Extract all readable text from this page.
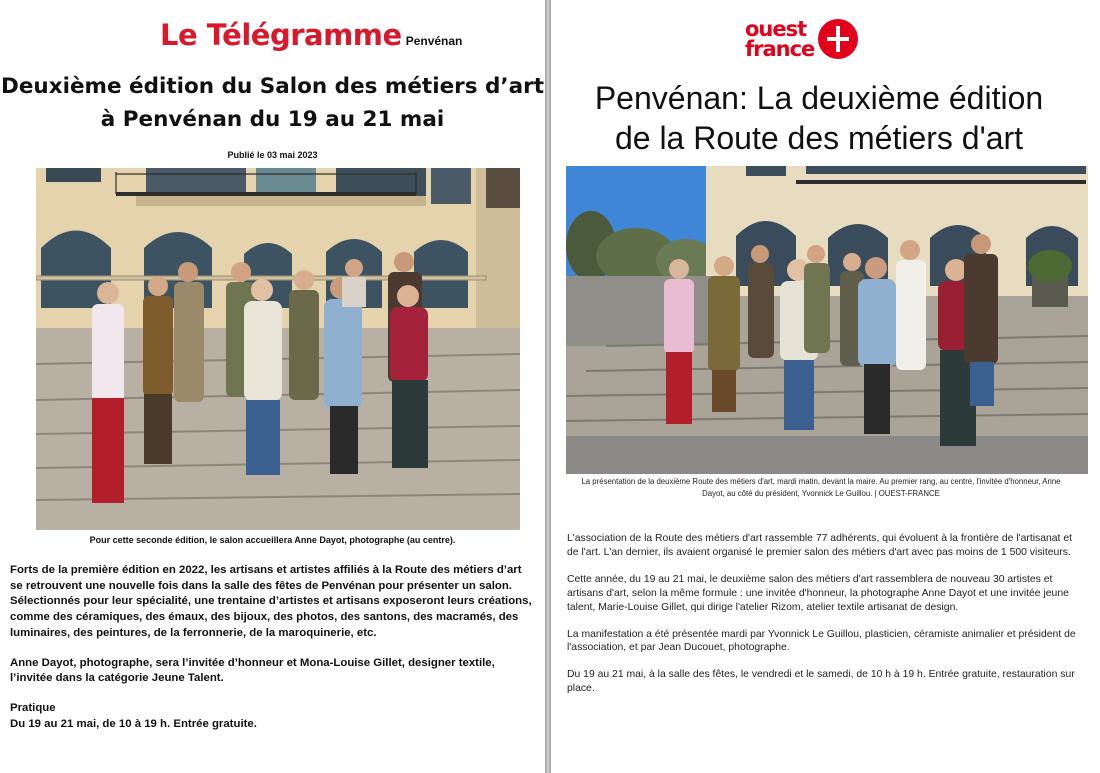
Le Télégramme Penvénan
Deuxième édition du Salon des métiers d’art
à Penvénan du 19 au 21 mai
Publié le 03 mai 2023
Pour cette seconde édition, le salon accueillera Anne Dayot, photographe (au centre).

Forts de la première édition en 2022, les artisans et artistes affiliés à la Route des métiers d’art se retrouvent une nouvelle fois dans la salle des fêtes de Penvénan pour présenter un salon. Sélectionnés pour leur spécialité, une trentaine d’artistes et artisans exposeront leurs créations, comme des céramiques, des émaux, des bijoux, des photos, des santons, des macramés, des luminaires, des peintures, de la ferronnerie, de la maroquinerie, etc.

Anne Dayot, photographe, sera l’invitée d’honneur et Mona-Louise Gillet, designer textile, l’invitée dans la catégorie Jeune Talent.

Pratique

Du 19 au 21 mai, de 10 à 19 h. Entrée gratuite.

ouest
france
Penvénan: La deuxième édition
de la Route des métiers d'art
La présentation de la deuxième Route des métiers d'art, mardi matin, devant la maire. Au premier rang, au centre, l'invitée d'honneur, Anne Dayot, au côté du président, Yvonnick Le Guillou. | OUEST-FRANCE

L'association de la Route des métiers d'art rassemble 77 adhérents, qui évoluent à la frontière de l'artisanat et de l'art. L'an dernier, ils avaient organisé le premier salon des métiers d'art avec pas moins de 1 500 visiteurs.

Cette année, du 19 au 21 mai, le deuxième salon des métiers d'art rassemblera de nouveau 30 artistes et artisans d'art, selon la même formule : une invitée d'honneur, la photographe Anne Dayot et une invitée jeune talent, Marie-Louise Gillet, qui dirige l'atelier Rizom, atelier textile artisanat de design.

La manifestation a été présentée mardi par Yvonnick Le Guillou, plasticien, céramiste animalier et président de l'association, et par Jean Ducouet, photographe.

Du 19 au 21 mai, à la salle des fêtes, le vendredi et le samedi, de 10 h à 19 h. Entrée gratuite, restauration sur place.
